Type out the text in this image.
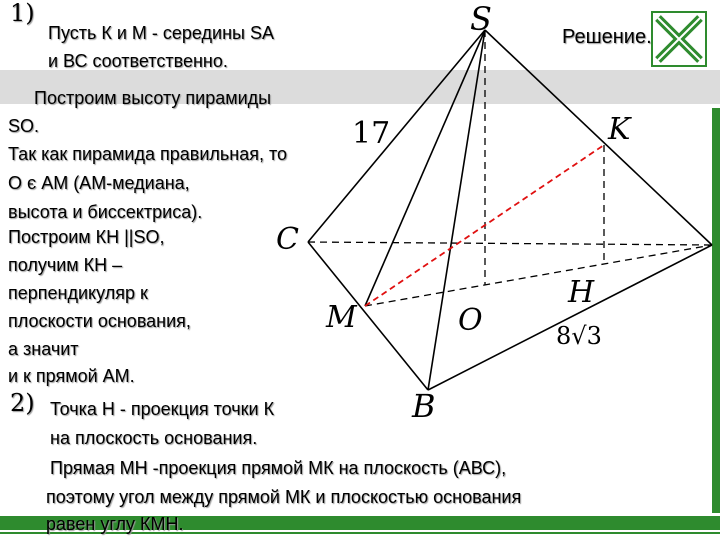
S
K
C
M	O
H
B
17
8√3
1)
Пусть К и М - середины SA
и ВС соответственно.
Решение.
Построим высоту пирамиды
SO.
Так как пирамида правильная, то
О є АМ (АМ-медиана,
высота и биссектриса).
Построим КН ||SO,
получим КН –
перпендикуляр к
плоскости основания,
а значит
и к прямой АМ.
2) Точка Н - проекция точки К
на плоскость основания.
Прямая МН -проекция прямой МК на плоскость (АВС),
поэтому угол между прямой МК и плоскостью основания
равен углу КМН.
